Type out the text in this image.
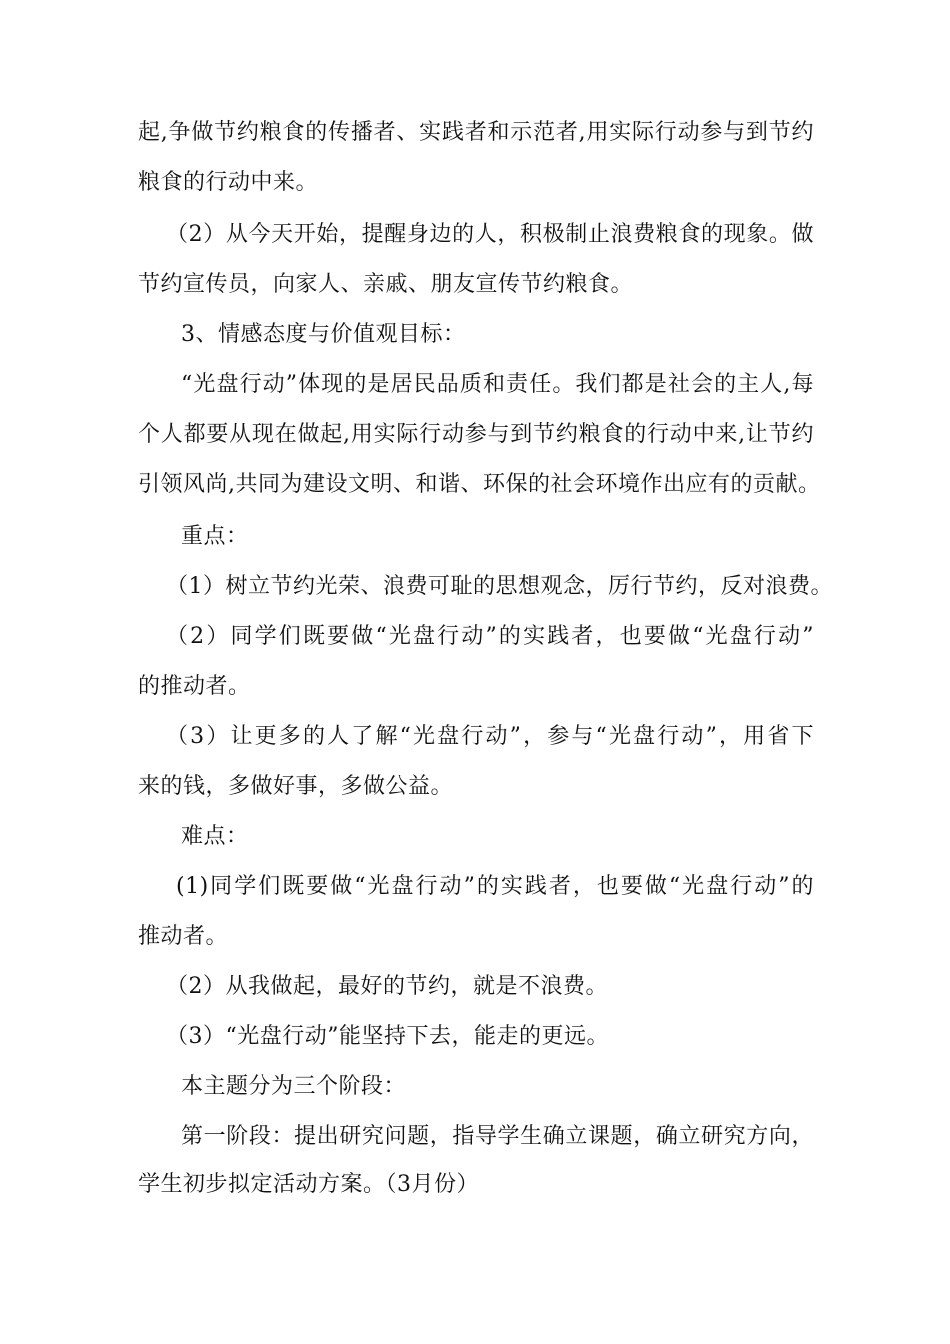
起,争做节约粮食的传播者、实践者和示范者,用实际行动参与到节约
粮食的行动中来。
（2）从今天开始，提醒身边的人，积极制止浪费粮食的现象。做
节约宣传员，向家人、亲戚、朋友宣传节约粮食。
3、情感态度与价值观目标：
“光盘行动”体现的是居民品质和责任。我们都是社会的主人,每
个人都要从现在做起,用实际行动参与到节约粮食的行动中来,让节约
引领风尚,共同为建设文明、和谐、环保的社会环境作出应有的贡献。
重点：
（1）树立节约光荣、浪费可耻的思想观念，厉行节约，反对浪费。
（2）同学们既要做“光盘行动”的实践者，也要做“光盘行动”
的推动者。
（3）让更多的人了解“光盘行动”，参与“光盘行动”，用省下
来的钱，多做好事，多做公益。
难点：
(1)同学们既要做“光盘行动”的实践者，也要做“光盘行动”的
推动者。
（2）从我做起，最好的节约，就是不浪费。
（3）“光盘行动”能坚持下去，能走的更远。
本主题分为三个阶段：
第一阶段：提出研究问题，指导学生确立课题，确立研究方向，
学生初步拟定活动方案。（3月份）
